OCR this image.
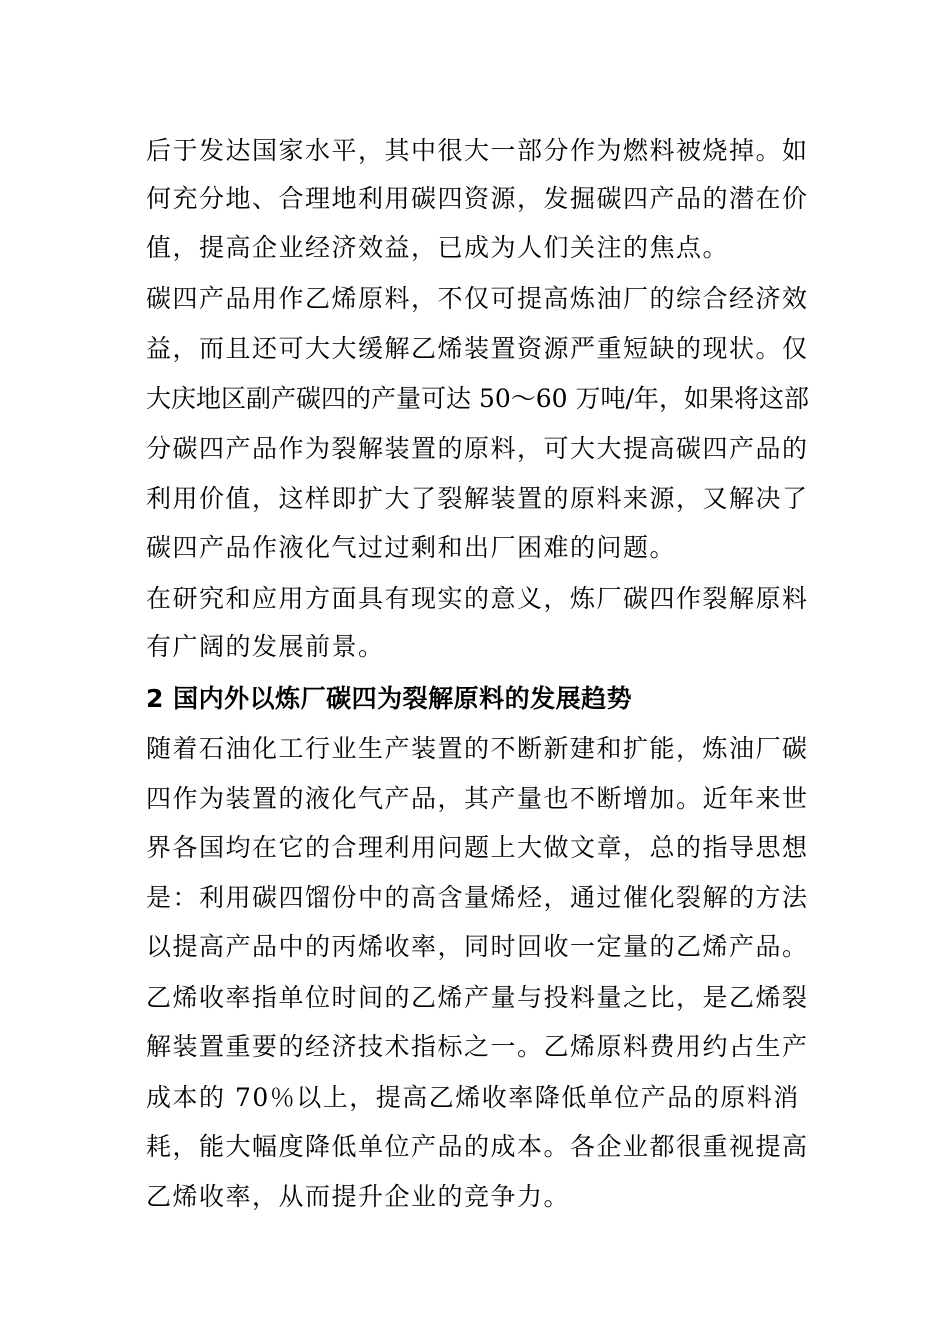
后于发达国家水平，其中很大一部分作为燃料被烧掉。如
何充分地、合理地利用碳四资源，发掘碳四产品的潜在价
值，提高企业经济效益，已成为人们关注的焦点。
碳四产品用作乙烯原料，不仅可提高炼油厂的综合经济效
益，而且还可大大缓解乙烯装置资源严重短缺的现状。仅
大庆地区副产碳四的产量可达 50～60 万吨/年，如果将这部
分碳四产品作为裂解装置的原料，可大大提高碳四产品的
利用价值，这样即扩大了裂解装置的原料来源，又解决了
碳四产品作液化气过过剩和出厂困难的问题。
在研究和应用方面具有现实的意义，炼厂碳四作裂解原料
有广阔的发展前景。
2 国内外以炼厂碳四为裂解原料的发展趋势
随着石油化工行业生产装置的不断新建和扩能，炼油厂碳
四作为装置的液化气产品，其产量也不断增加。近年来世
界各国均在它的合理利用问题上大做文章，总的指导思想
是：利用碳四馏份中的高含量烯烃，通过催化裂解的方法
以提高产品中的丙烯收率，同时回收一定量的乙烯产品。
乙烯收率指单位时间的乙烯产量与投料量之比，是乙烯裂
解装置重要的经济技术指标之一。乙烯原料费用约占生产
成本的 70％以上，提高乙烯收率降低单位产品的原料消
耗，能大幅度降低单位产品的成本。各企业都很重视提高
乙烯收率，从而提升企业的竞争力。
